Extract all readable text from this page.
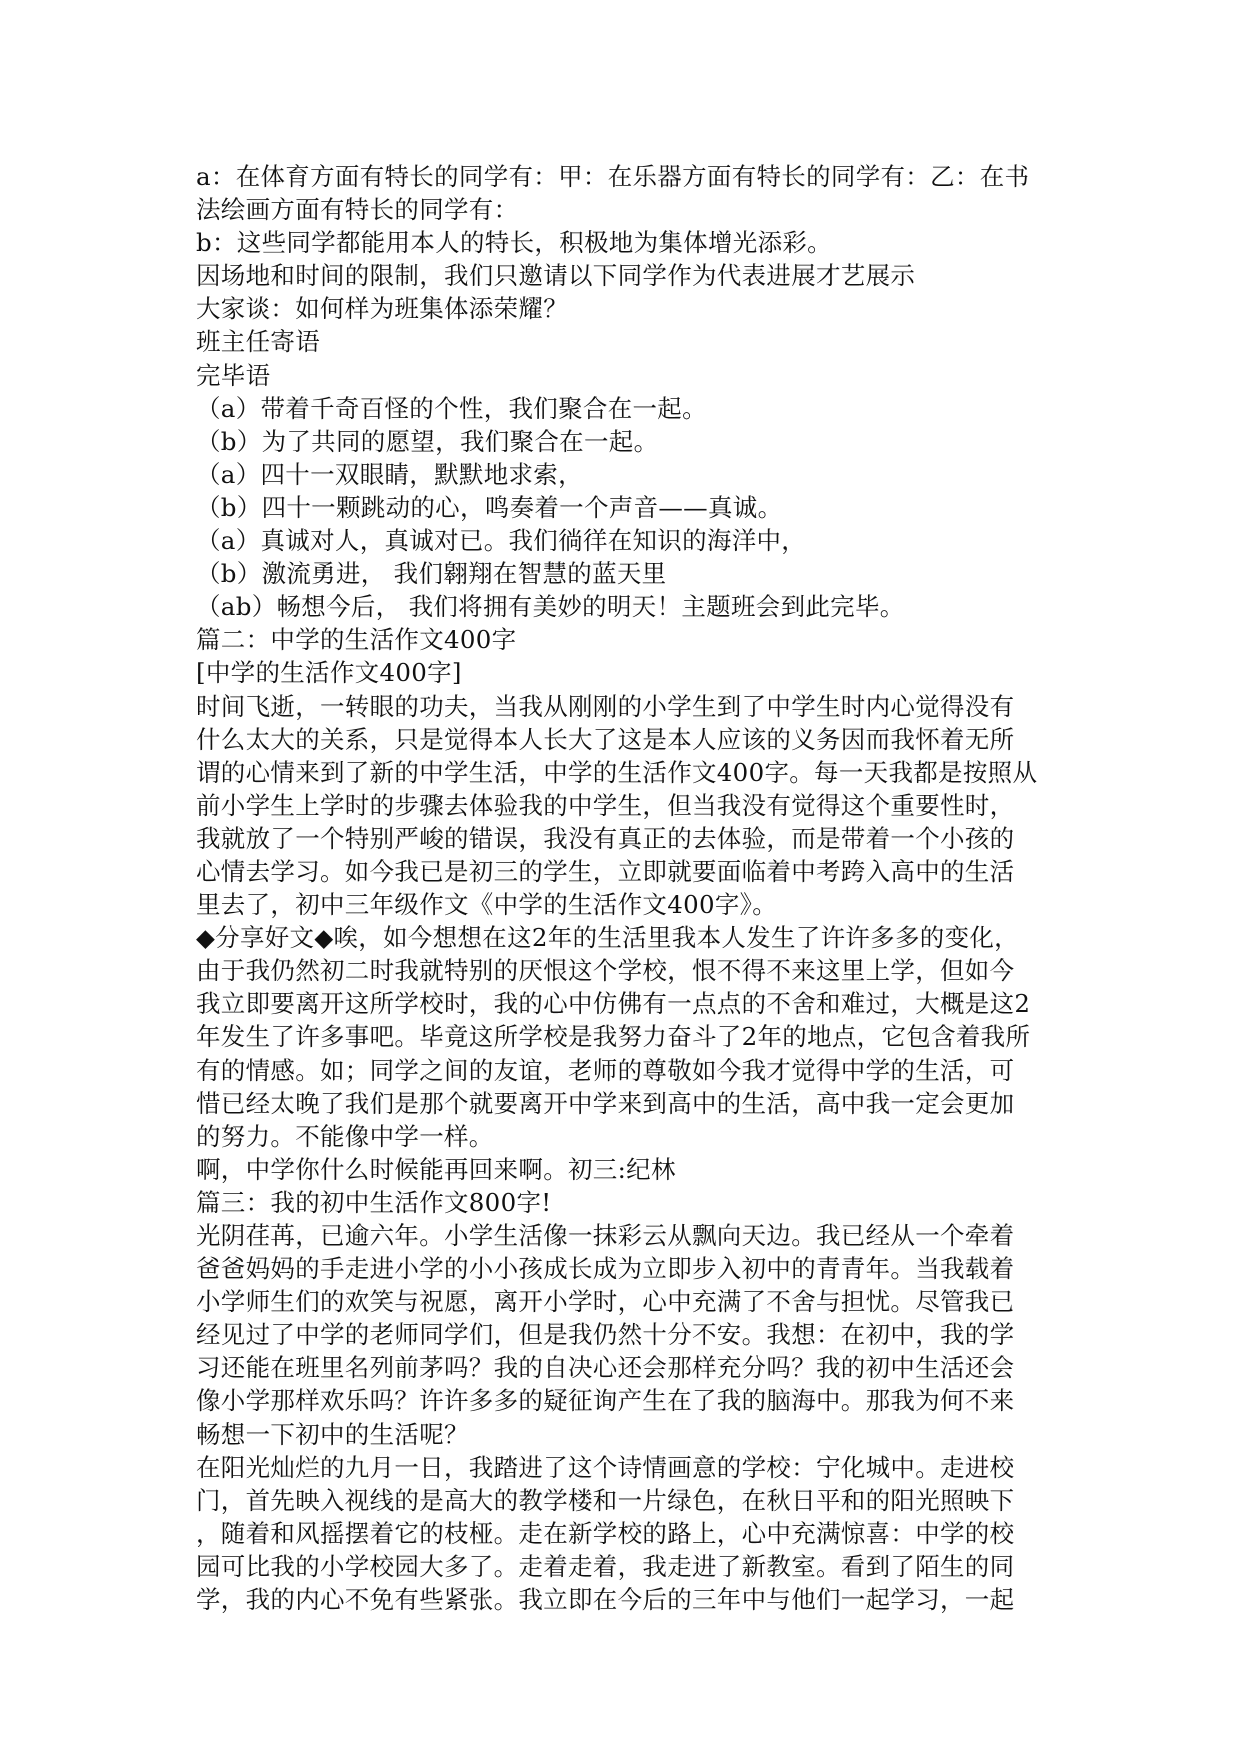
a：在体育方面有特长的同学有：甲：在乐器方面有特长的同学有：乙：在书
法绘画方面有特长的同学有：
b：这些同学都能用本人的特长，积极地为集体增光添彩。
因场地和时间的限制，我们只邀请以下同学作为代表进展才艺展示
大家谈：如何样为班集体添荣耀？
班主任寄语
完毕语
（a）带着千奇百怪的个性，我们聚合在一起。
（b）为了共同的愿望，我们聚合在一起。
（a）四十一双眼睛，默默地求索，
（b）四十一颗跳动的心，鸣奏着一个声音——真诚。
（a）真诚对人，真诚对已。我们徜徉在知识的海洋中，
（b）激流勇进， 我们翱翔在智慧的蓝天里
（ab）畅想今后， 我们将拥有美妙的明天！主题班会到此完毕。
篇二：中学的生活作文400字
[中学的生活作文400字]
时间飞逝，一转眼的功夫，当我从刚刚的小学生到了中学生时内心觉得没有
什么太大的关系，只是觉得本人长大了这是本人应该的义务因而我怀着无所
谓的心情来到了新的中学生活，中学的生活作文400字。每一天我都是按照从
前小学生上学时的步骤去体验我的中学生，但当我没有觉得这个重要性时，
我就放了一个特别严峻的错误，我没有真正的去体验，而是带着一个小孩的
心情去学习。如今我已是初三的学生，立即就要面临着中考跨入高中的生活
里去了，初中三年级作文《中学的生活作文400字》。
◆分享好文◆唉，如今想想在这2年的生活里我本人发生了许许多多的变化，
由于我仍然初二时我就特别的厌恨这个学校，恨不得不来这里上学，但如今
我立即要离开这所学校时，我的心中仿佛有一点点的不舍和难过，大概是这2
年发生了许多事吧。毕竟这所学校是我努力奋斗了2年的地点，它包含着我所
有的情感。如；同学之间的友谊，老师的尊敬如今我才觉得中学的生活，可
惜已经太晚了我们是那个就要离开中学来到高中的生活，高中我一定会更加
的努力。不能像中学一样。
啊，中学你什么时候能再回来啊。初三:纪林
篇三：我的初中生活作文800字!
光阴荏苒，已逾六年。小学生活像一抹彩云从飘向天边。我已经从一个牵着
爸爸妈妈的手走进小学的小小孩成长成为立即步入初中的青青年。当我载着
小学师生们的欢笑与祝愿，离开小学时，心中充满了不舍与担忧。尽管我已
经见过了中学的老师同学们，但是我仍然十分不安。我想：在初中，我的学
习还能在班里名列前茅吗？我的自决心还会那样充分吗？我的初中生活还会
像小学那样欢乐吗？许许多多的疑征询产生在了我的脑海中。那我为何不来
畅想一下初中的生活呢？
在阳光灿烂的九月一日，我踏进了这个诗情画意的学校：宁化城中。走进校
门，首先映入视线的是高大的教学楼和一片绿色，在秋日平和的阳光照映下
，随着和风摇摆着它的枝桠。走在新学校的路上，心中充满惊喜：中学的校
园可比我的小学校园大多了。走着走着，我走进了新教室。看到了陌生的同
学，我的内心不免有些紧张。我立即在今后的三年中与他们一起学习，一起
